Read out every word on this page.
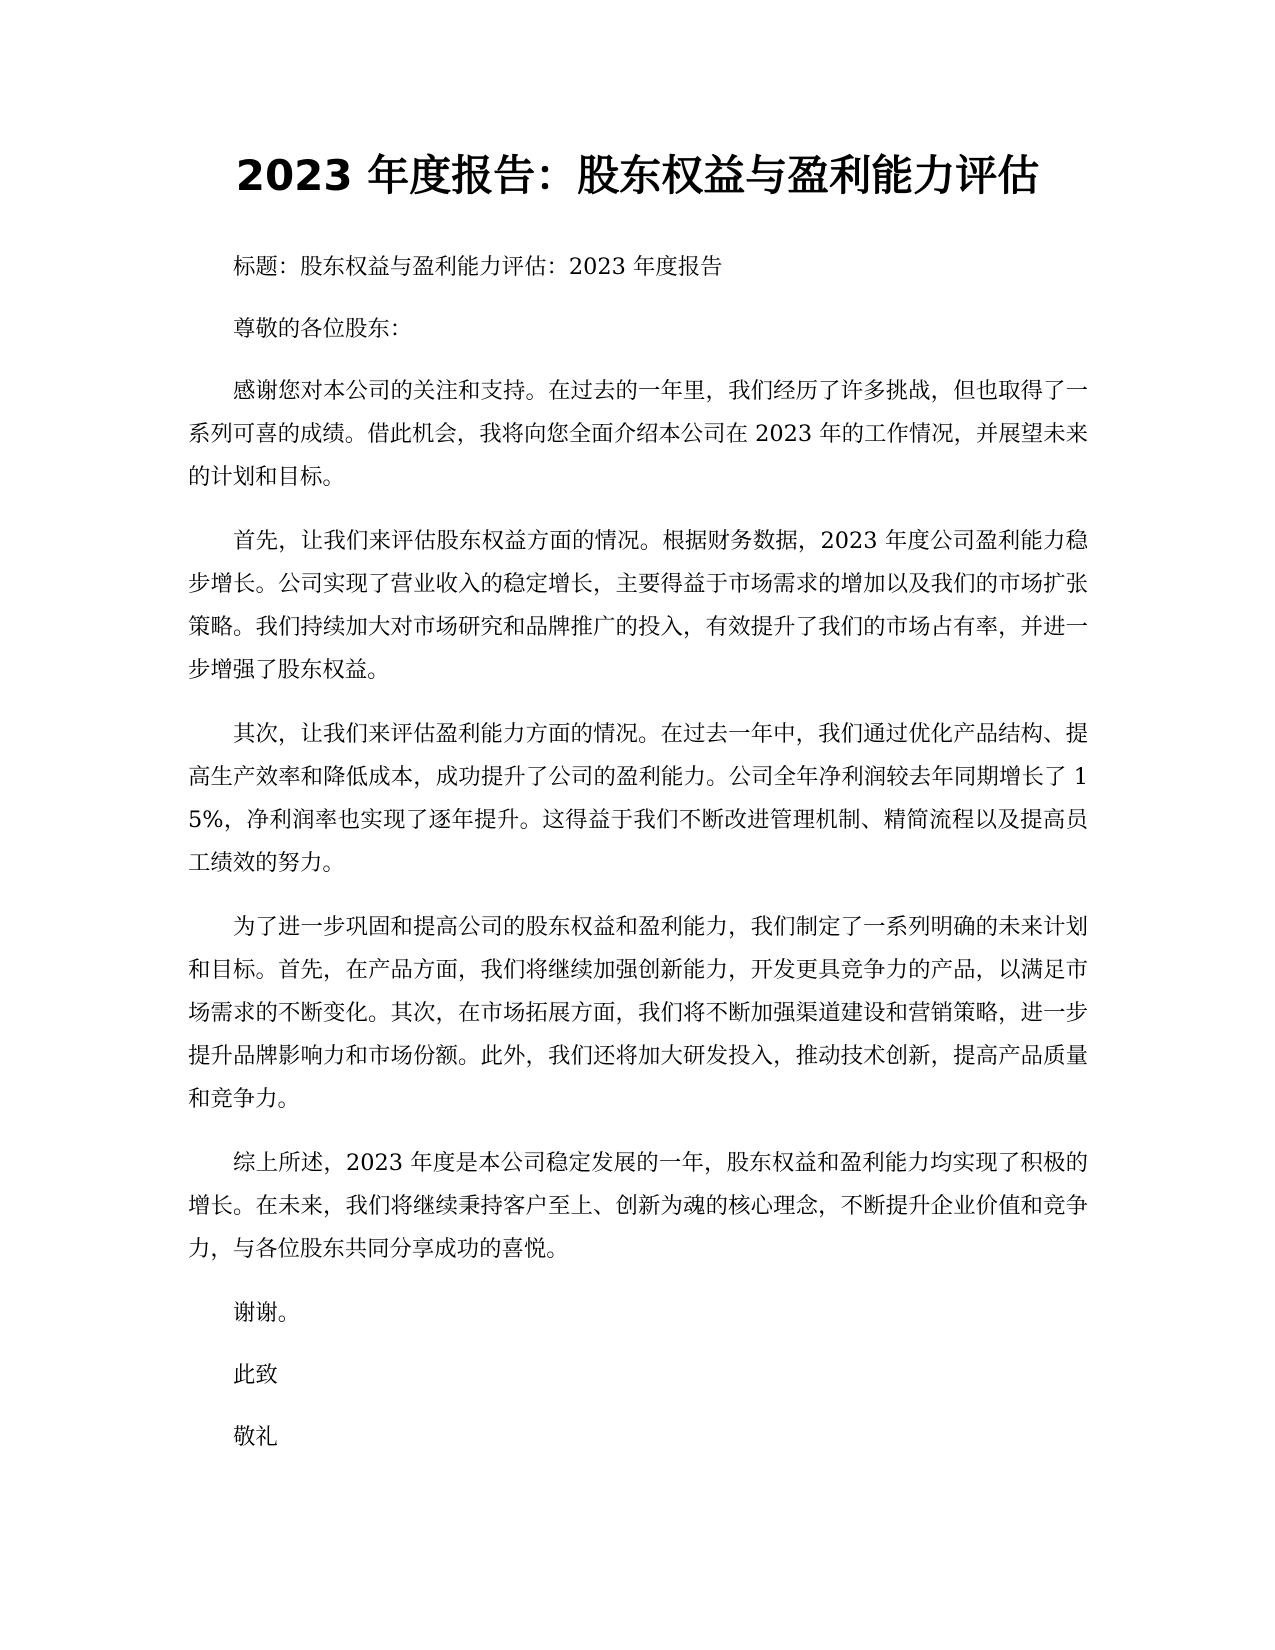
2023 年度报告：股东权益与盈利能力评估

标题：股东权益与盈利能力评估：2023 年度报告

尊敬的各位股东：

感谢您对本公司的关注和支持。在过去的一年里，我们经历了许多挑战，但也取得了一系列可喜的成绩。借此机会，我将向您全面介绍本公司在 2023 年的工作情况，并展望未来的计划和目标。

首先，让我们来评估股东权益方面的情况。根据财务数据，2023 年度公司盈利能力稳步增长。公司实现了营业收入的稳定增长，主要得益于市场需求的增加以及我们的市场扩张策略。我们持续加大对市场研究和品牌推广的投入，有效提升了我们的市场占有率，并进一步增强了股东权益。

其次，让我们来评估盈利能力方面的情况。在过去一年中，我们通过优化产品结构、提高生产效率和降低成本，成功提升了公司的盈利能力。公司全年净利润较去年同期增长了 15%，净利润率也实现了逐年提升。这得益于我们不断改进管理机制、精简流程以及提高员工绩效的努力。

为了进一步巩固和提高公司的股东权益和盈利能力，我们制定了一系列明确的未来计划和目标。首先，在产品方面，我们将继续加强创新能力，开发更具竞争力的产品，以满足市场需求的不断变化。其次，在市场拓展方面，我们将不断加强渠道建设和营销策略，进一步提升品牌影响力和市场份额。此外，我们还将加大研发投入，推动技术创新，提高产品质量和竞争力。

综上所述，2023 年度是本公司稳定发展的一年，股东权益和盈利能力均实现了积极的增长。在未来，我们将继续秉持客户至上、创新为魂的核心理念，不断提升企业价值和竞争力，与各位股东共同分享成功的喜悦。

谢谢。

此致

敬礼
